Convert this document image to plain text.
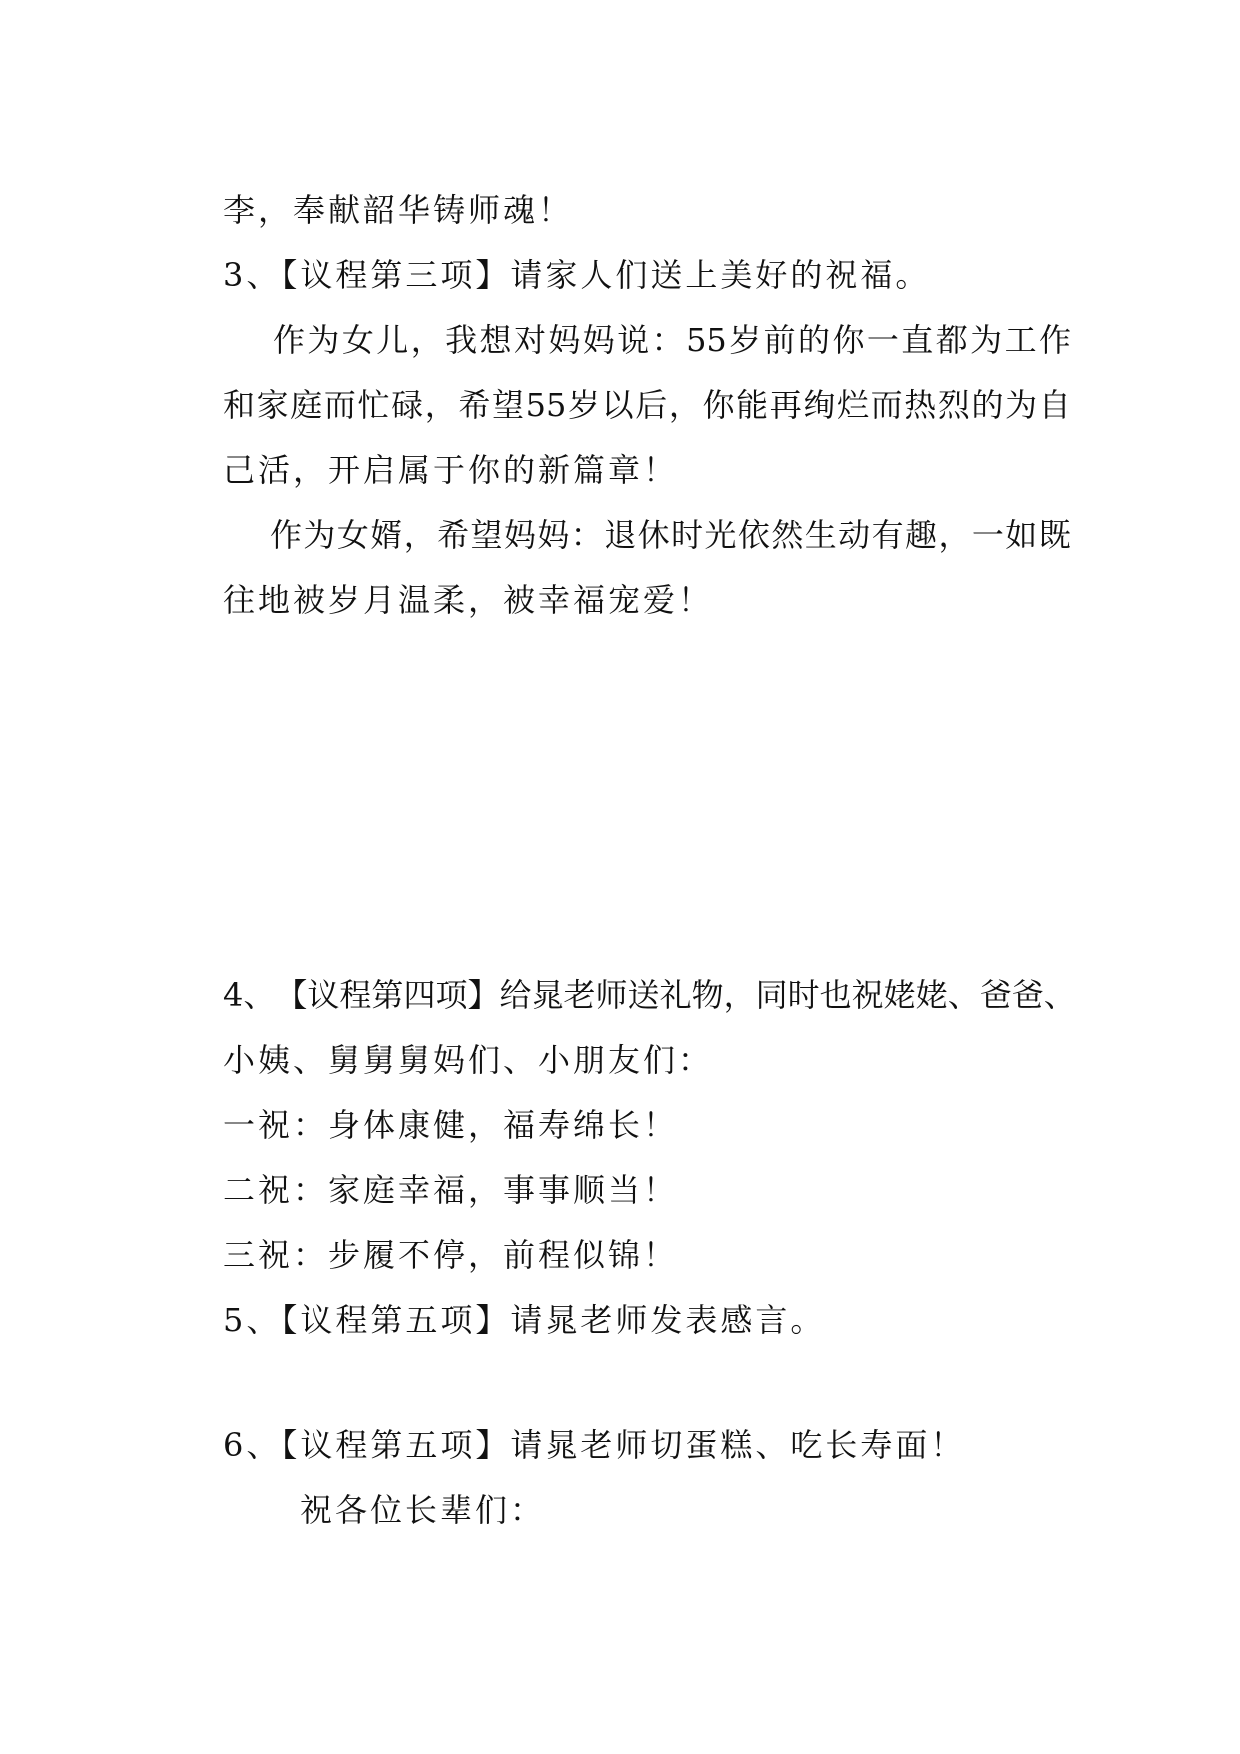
李，奉献韶华铸师魂！
3、【议程第三项】请家人们送上美好的祝福。
作 为 女 儿 ， 我 想 对 妈 妈 说 ： 55 岁 前 的 你 一 直 都 为 工 作
和 家 庭 而 忙 碌 ， 希 望 55 岁 以 后 ， 你 能 再 绚 烂 而 热 烈 的 为 自
己活，开启属于你的新篇章！
作 为 女 婿 ， 希 望 妈 妈 ： 退 休 时 光 依 然 生 动 有 趣 ， 一 如 既
往地被岁月温柔，被幸福宠爱！
4 、 【 议 程 第 四 项 】 给 晁 老 师 送 礼 物 ， 同 时 也 祝 姥 姥 、 爸 爸 、
小姨、舅舅舅妈们、小朋友们：
一祝：身体康健，福寿绵长！
二祝：家庭幸福，事事顺当！
三祝：步履不停，前程似锦！
5、【议程第五项】请晁老师发表感言。
6、【议程第五项】请晁老师切蛋糕、吃长寿面！
祝各位长辈们：
